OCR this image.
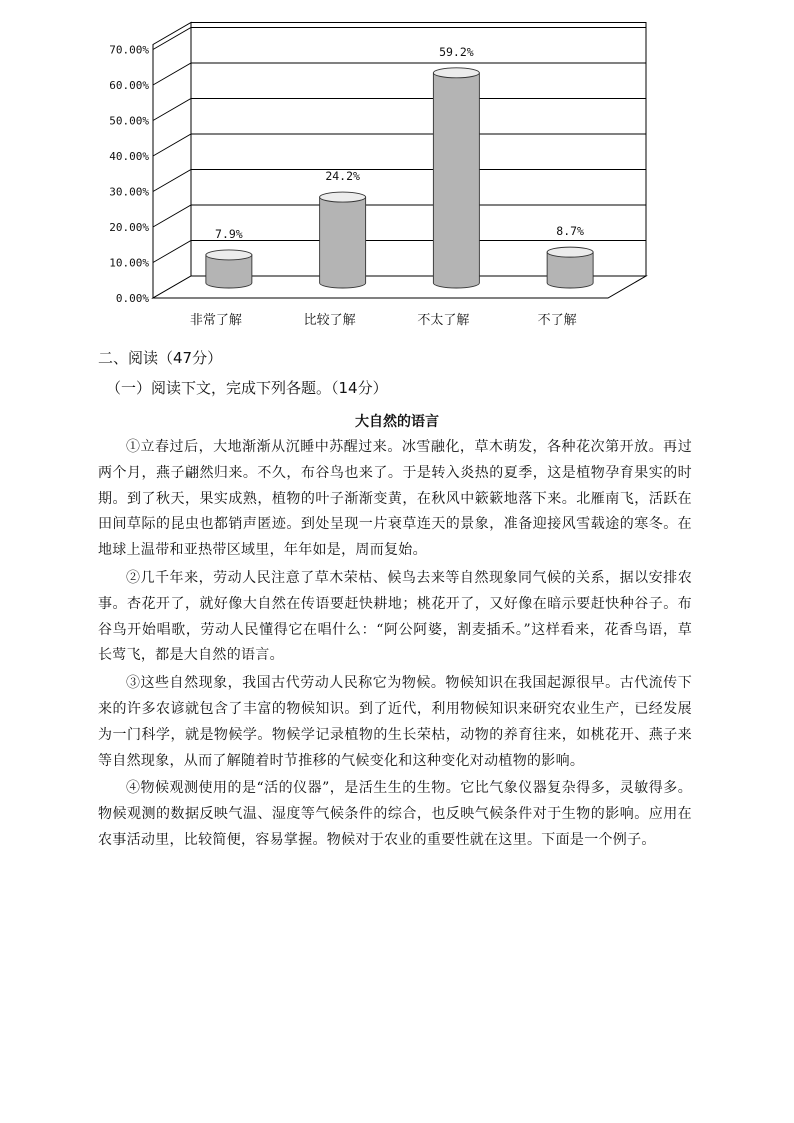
0.00%
10.00%
20.00%
30.00%
40.00%
50.00%
60.00%
70.00%
7.9%
非常了解
24.2%
比较了解
59.2%
不太了解
8.7%
不了解
二、阅读（47分）
（一）阅读下文，完成下列各题。（14分）
大自然的语言

①立春过后，大地渐渐从沉睡中苏醒过来。冰雪融化，草木萌发，各种花次第开放。再过两个月，燕子翩然归来。不久，布谷鸟也来了。于是转入炎热的夏季，这是植物孕育果实的时期。到了秋天，果实成熟，植物的叶子渐渐变黄，在秋风中簌簌地落下来。北雁南飞，活跃在田间草际的昆虫也都销声匿迹。到处呈现一片衰草连天的景象，准备迎接风雪载途的寒冬。在地球上温带和亚热带区域里，年年如是，周而复始。

②几千年来，劳动人民注意了草木荣枯、候鸟去来等自然现象同气候的关系，据以安排农事。杏花开了，就好像大自然在传语要赶快耕地；桃花开了，又好像在暗示要赶快种谷子。布谷鸟开始唱歌，劳动人民懂得它在唱什么：“阿公阿婆，割麦插禾。”这样看来，花香鸟语，草长莺飞，都是大自然的语言。

③这些自然现象，我国古代劳动人民称它为物候。物候知识在我国起源很早。古代流传下来的许多农谚就包含了丰富的物候知识。到了近代，利用物候知识来研究农业生产，已经发展为一门科学，就是物候学。物候学记录植物的生长荣枯，动物的养育往来，如桃花开、燕子来等自然现象，从而了解随着时节推移的气候变化和这种变化对动植物的影响。

④物候观测使用的是“活的仪器”，是活生生的生物。它比气象仪器复杂得多，灵敏得多。物候观测的数据反映气温、湿度等气候条件的综合，也反映气候条件对于生物的影响。应用在农事活动里，比较简便，容易掌握。物候对于农业的重要性就在这里。下面是一个例子。
